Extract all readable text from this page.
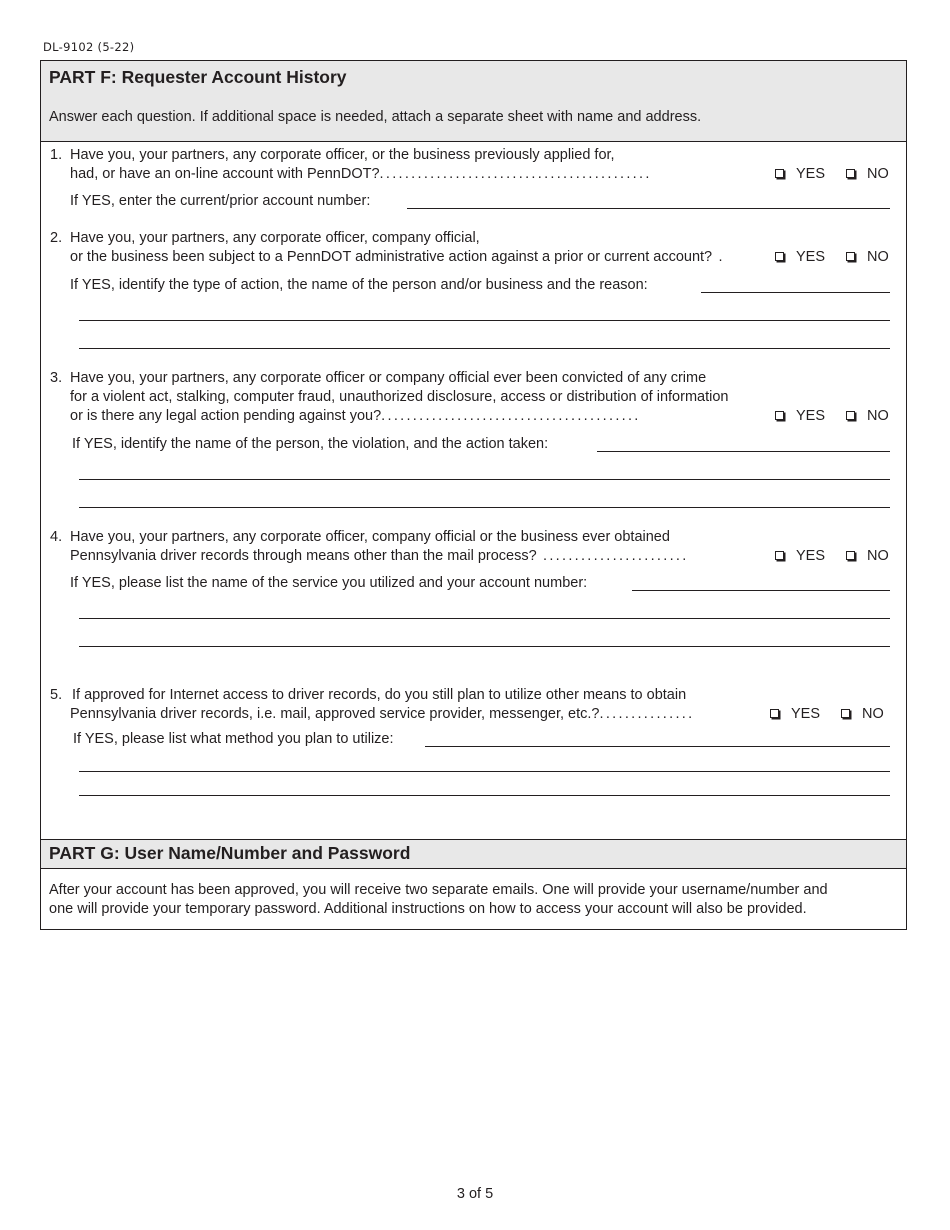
DL-9102 (5-22)
PART F: Requester Account History
Answer each question. If additional space is needed, attach a separate sheet with name and address.
1. Have you, your partners, any corporate officer, or the business previously applied for,
had, or have an on-line account with PennDOT?...........................................	YES	NO
If YES, enter the current/prior account number:
2. Have you, your partners, any corporate officer, company official,
or the business been subject to a PennDOT administrative action against a prior or current account? .	YES	NO
If YES, identify the type of action, the name of the person and/or business and the reason:
3. Have you, your partners, any corporate officer or company official ever been convicted of any crime
for a violent act, stalking, computer fraud, unauthorized disclosure, access or distribution of information
or is there any legal action pending against you?.........................................	YES	NO
If YES, identify the name of the person, the violation, and the action taken:
4. Have you, your partners, any corporate officer, company official or the business ever obtained
Pennsylvania driver records through means other than the mail process? .......................	YES	NO
If YES, please list the name of the service you utilized and your account number:
5. If approved for Internet access to driver records, do you still plan to utilize other means to obtain
Pennsylvania driver records, i.e. mail, approved service provider, messenger, etc.?...............	YES	NO
If YES, please list what method you plan to utilize:
PART G: User Name/Number and Password
After your account has been approved, you will receive two separate emails. One will provide your username/number and
one will provide your temporary password. Additional instructions on how to access your account will also be provided.
3 of 5
